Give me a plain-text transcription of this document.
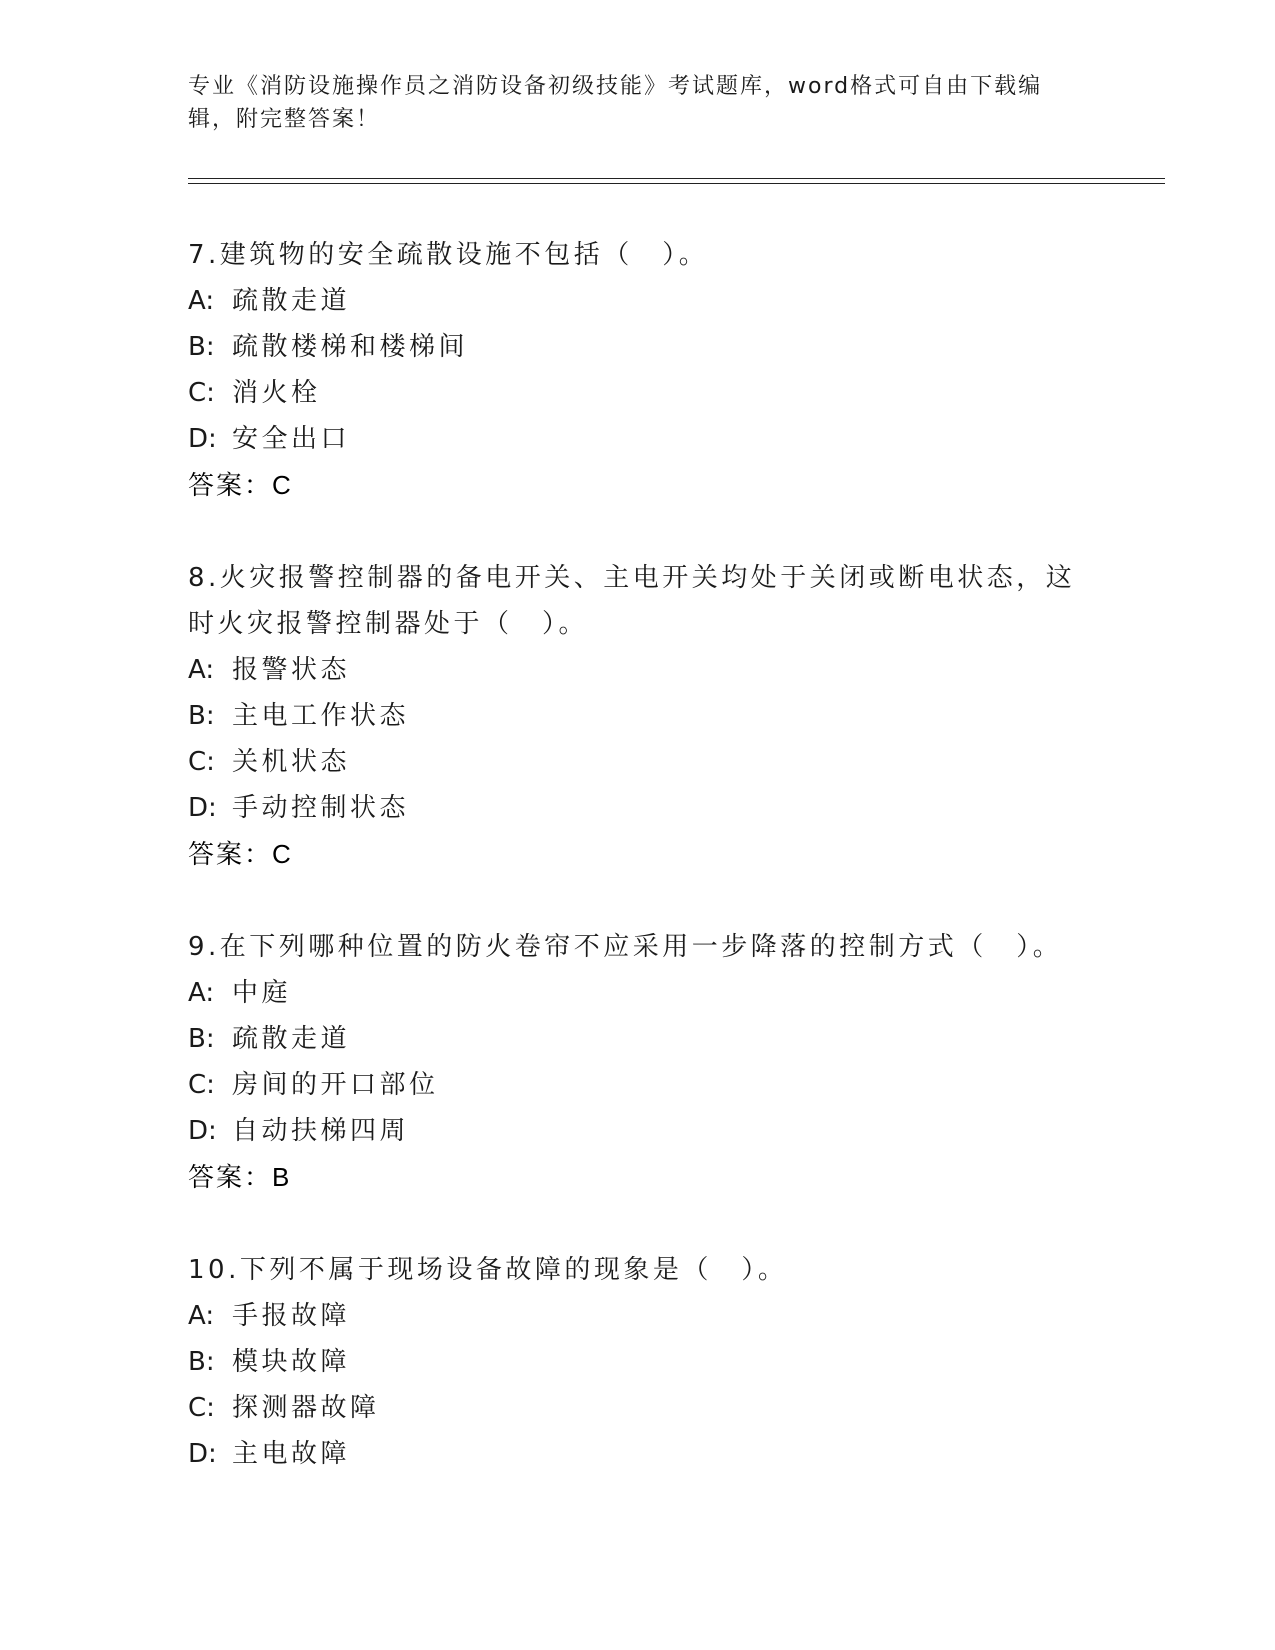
专业《消防设施操作员之消防设备初级技能》考试题库，word格式可自由下载编辑，附完整答案！

7.建筑物的安全疏散设施不包括（　）。

A: 疏散走道
B: 疏散楼梯和楼梯间
C: 消火栓
D: 安全出口
答案：C

8.火灾报警控制器的备电开关、主电开关均处于关闭或断电状态，这时火灾报警控制器处于（　）。

A: 报警状态
B: 主电工作状态
C: 关机状态
D: 手动控制状态
答案：C

9.在下列哪种位置的防火卷帘不应采用一步降落的控制方式（　）。

A: 中庭
B: 疏散走道
C: 房间的开口部位
D: 自动扶梯四周
答案：B

10.下列不属于现场设备故障的现象是（　）。

A: 手报故障
B: 模块故障
C: 探测器故障
D: 主电故障
